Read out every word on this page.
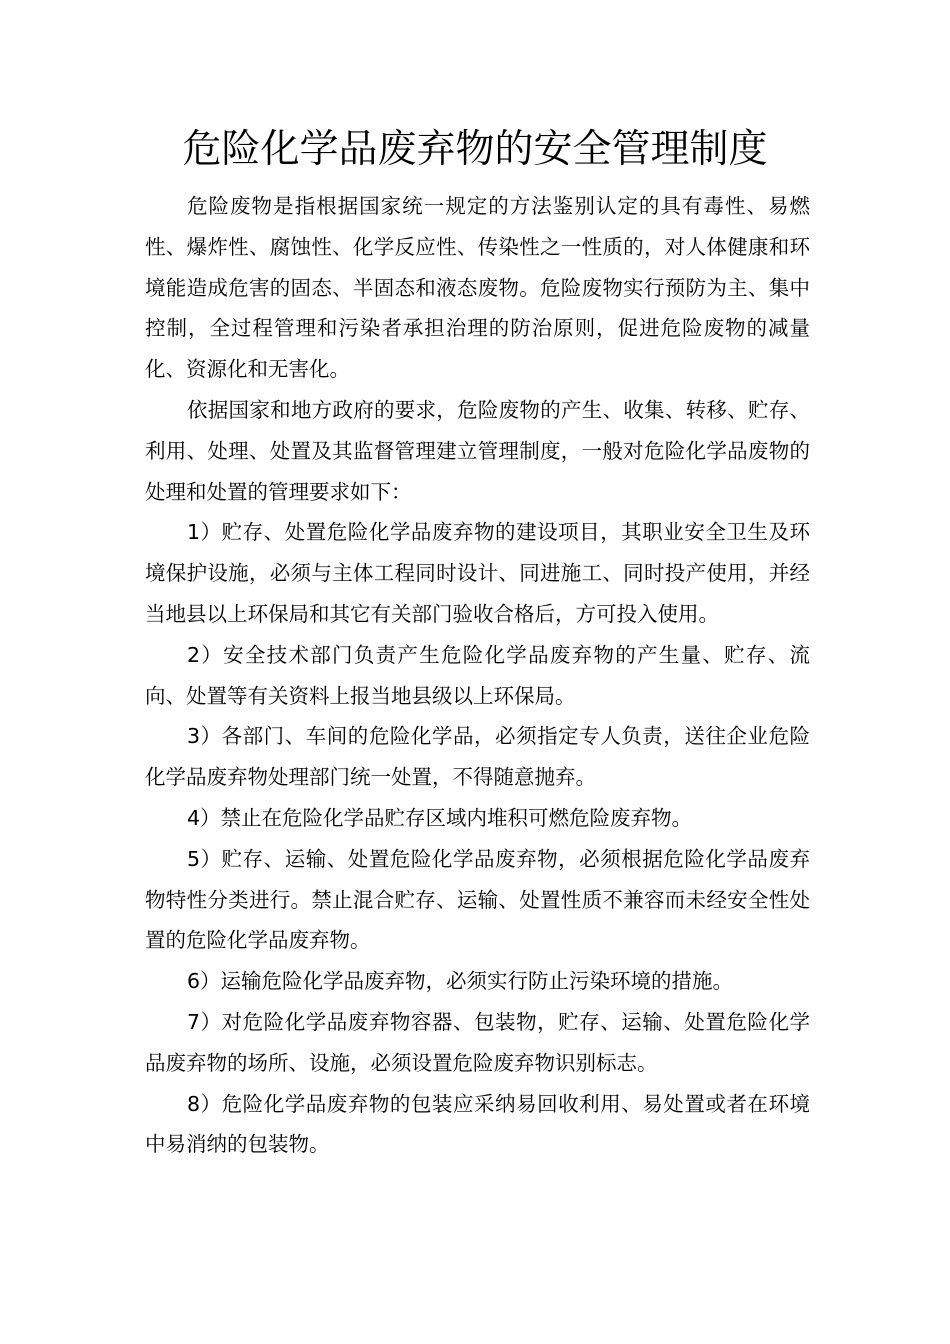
危险化学品废弃物的安全管理制度

危险废物是指根据国家统一规定的方法鉴别认定的具有毒性、易燃性、爆炸性、腐蚀性、化学反应性、传染性之一性质的，对人体健康和环境能造成危害的固态、半固态和液态废物。危险废物实行预防为主、集中控制，全过程管理和污染者承担治理的防治原则，促进危险废物的减量化、资源化和无害化。

依据国家和地方政府的要求，危险废物的产生、收集、转移、贮存、利用、处理、处置及其监督管理建立管理制度，一般对危险化学品废物的处理和处置的管理要求如下：

1）贮存、处置危险化学品废弃物的建设项目，其职业安全卫生及环境保护设施，必须与主体工程同时设计、同进施工、同时投产使用，并经当地县以上环保局和其它有关部门验收合格后，方可投入使用。

2）安全技术部门负责产生危险化学品废弃物的产生量、贮存、流向、处置等有关资料上报当地县级以上环保局。

3）各部门、车间的危险化学品，必须指定专人负责，送往企业危险化学品废弃物处理部门统一处置，不得随意抛弃。

4）禁止在危险化学品贮存区域内堆积可燃危险废弃物。

5）贮存、运输、处置危险化学品废弃物，必须根据危险化学品废弃物特性分类进行。禁止混合贮存、运输、处置性质不兼容而未经安全性处置的危险化学品废弃物。

6）运输危险化学品废弃物，必须实行防止污染环境的措施。

7）对危险化学品废弃物容器、包装物，贮存、运输、处置危险化学品废弃物的场所、设施，必须设置危险废弃物识别标志。

8）危险化学品废弃物的包装应采纳易回收利用、易处置或者在环境中易消纳的包装物。
